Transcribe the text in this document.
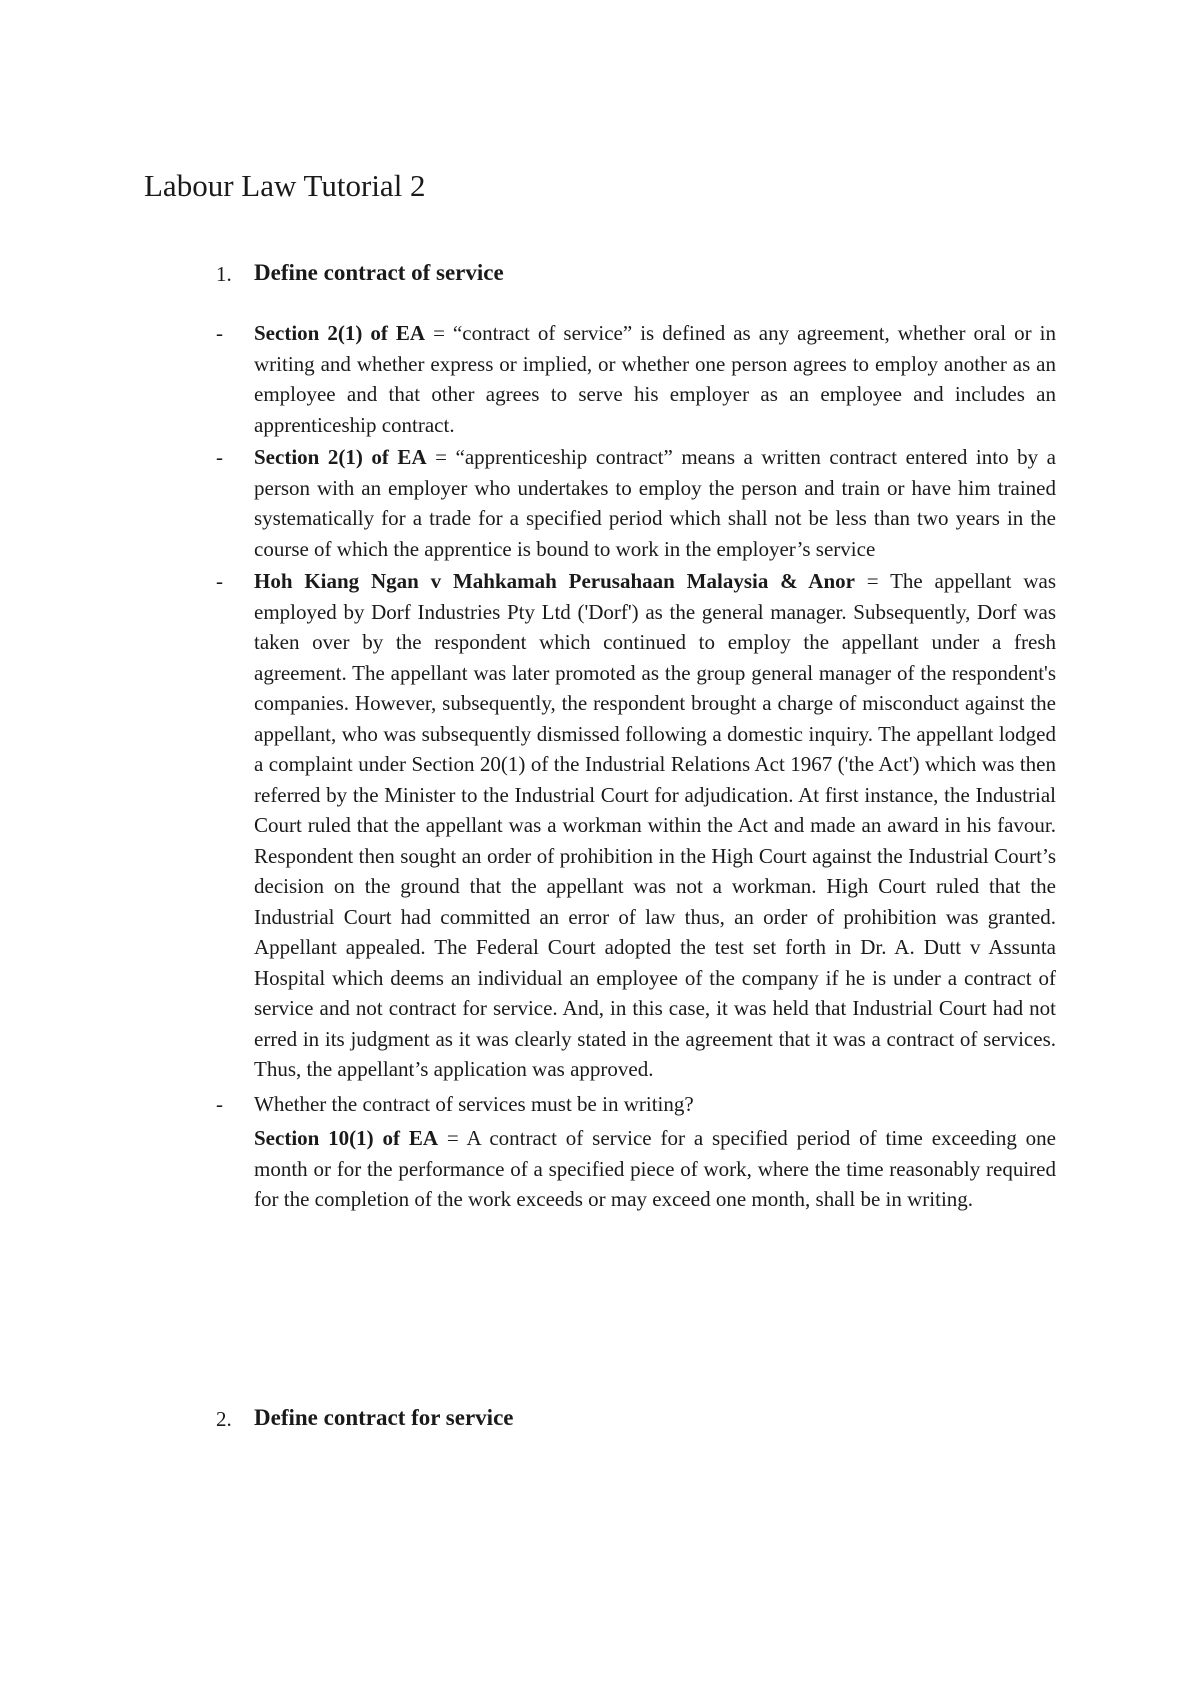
Labour Law Tutorial 2
1. Define contract of service
- Section 2(1) of EA = “contract of service” is defined as any agreement, whether oral or in writing and whether express or implied, or whether one person agrees to employ another as an employee and that other agrees to serve his employer as an employee and includes an apprenticeship contract.

- Section 2(1) of EA = “apprenticeship contract” means a written contract entered into by a person with an employer who undertakes to employ the person and train or have him trained systematically for a trade for a specified period which shall not be less than two years in the course of which the apprentice is bound to work in the employer’s service

- Hoh Kiang Ngan v Mahkamah Perusahaan Malaysia & Anor = The appellant was employed by Dorf Industries Pty Ltd ('Dorf') as the general manager. Subsequently, Dorf was taken over by the respondent which continued to employ the appellant under a fresh agreement. The appellant was later promoted as the group general manager of the respondent's companies. However, subsequently, the respondent brought a charge of misconduct against the appellant, who was subsequently dismissed following a domestic inquiry. The appellant lodged a complaint under Section 20(1) of the Industrial Relations Act 1967 ('the Act') which was then referred by the Minister to the Industrial Court for adjudication. At first instance, the Industrial Court ruled that the appellant was a workman within the Act and made an award in his favour. Respondent then sought an order of prohibition in the High Court against the Industrial Court’s decision on the ground that the appellant was not a workman. High Court ruled that the Industrial Court had committed an error of law thus, an order of prohibition was granted. Appellant appealed. The Federal Court adopted the test set forth in Dr. A. Dutt v Assunta Hospital which deems an individual an employee of the company if he is under a contract of service and not contract for service. And, in this case, it was held that Industrial Court had not erred in its judgment as it was clearly stated in the agreement that it was a contract of services. Thus, the appellant’s application was approved.

- Whether the contract of services must be in writing?

Section 10(1) of EA = A contract of service for a specified period of time exceeding one month or for the performance of a specified piece of work, where the time reasonably required for the completion of the work exceeds or may exceed one month, shall be in writing.

2. Define contract for service
